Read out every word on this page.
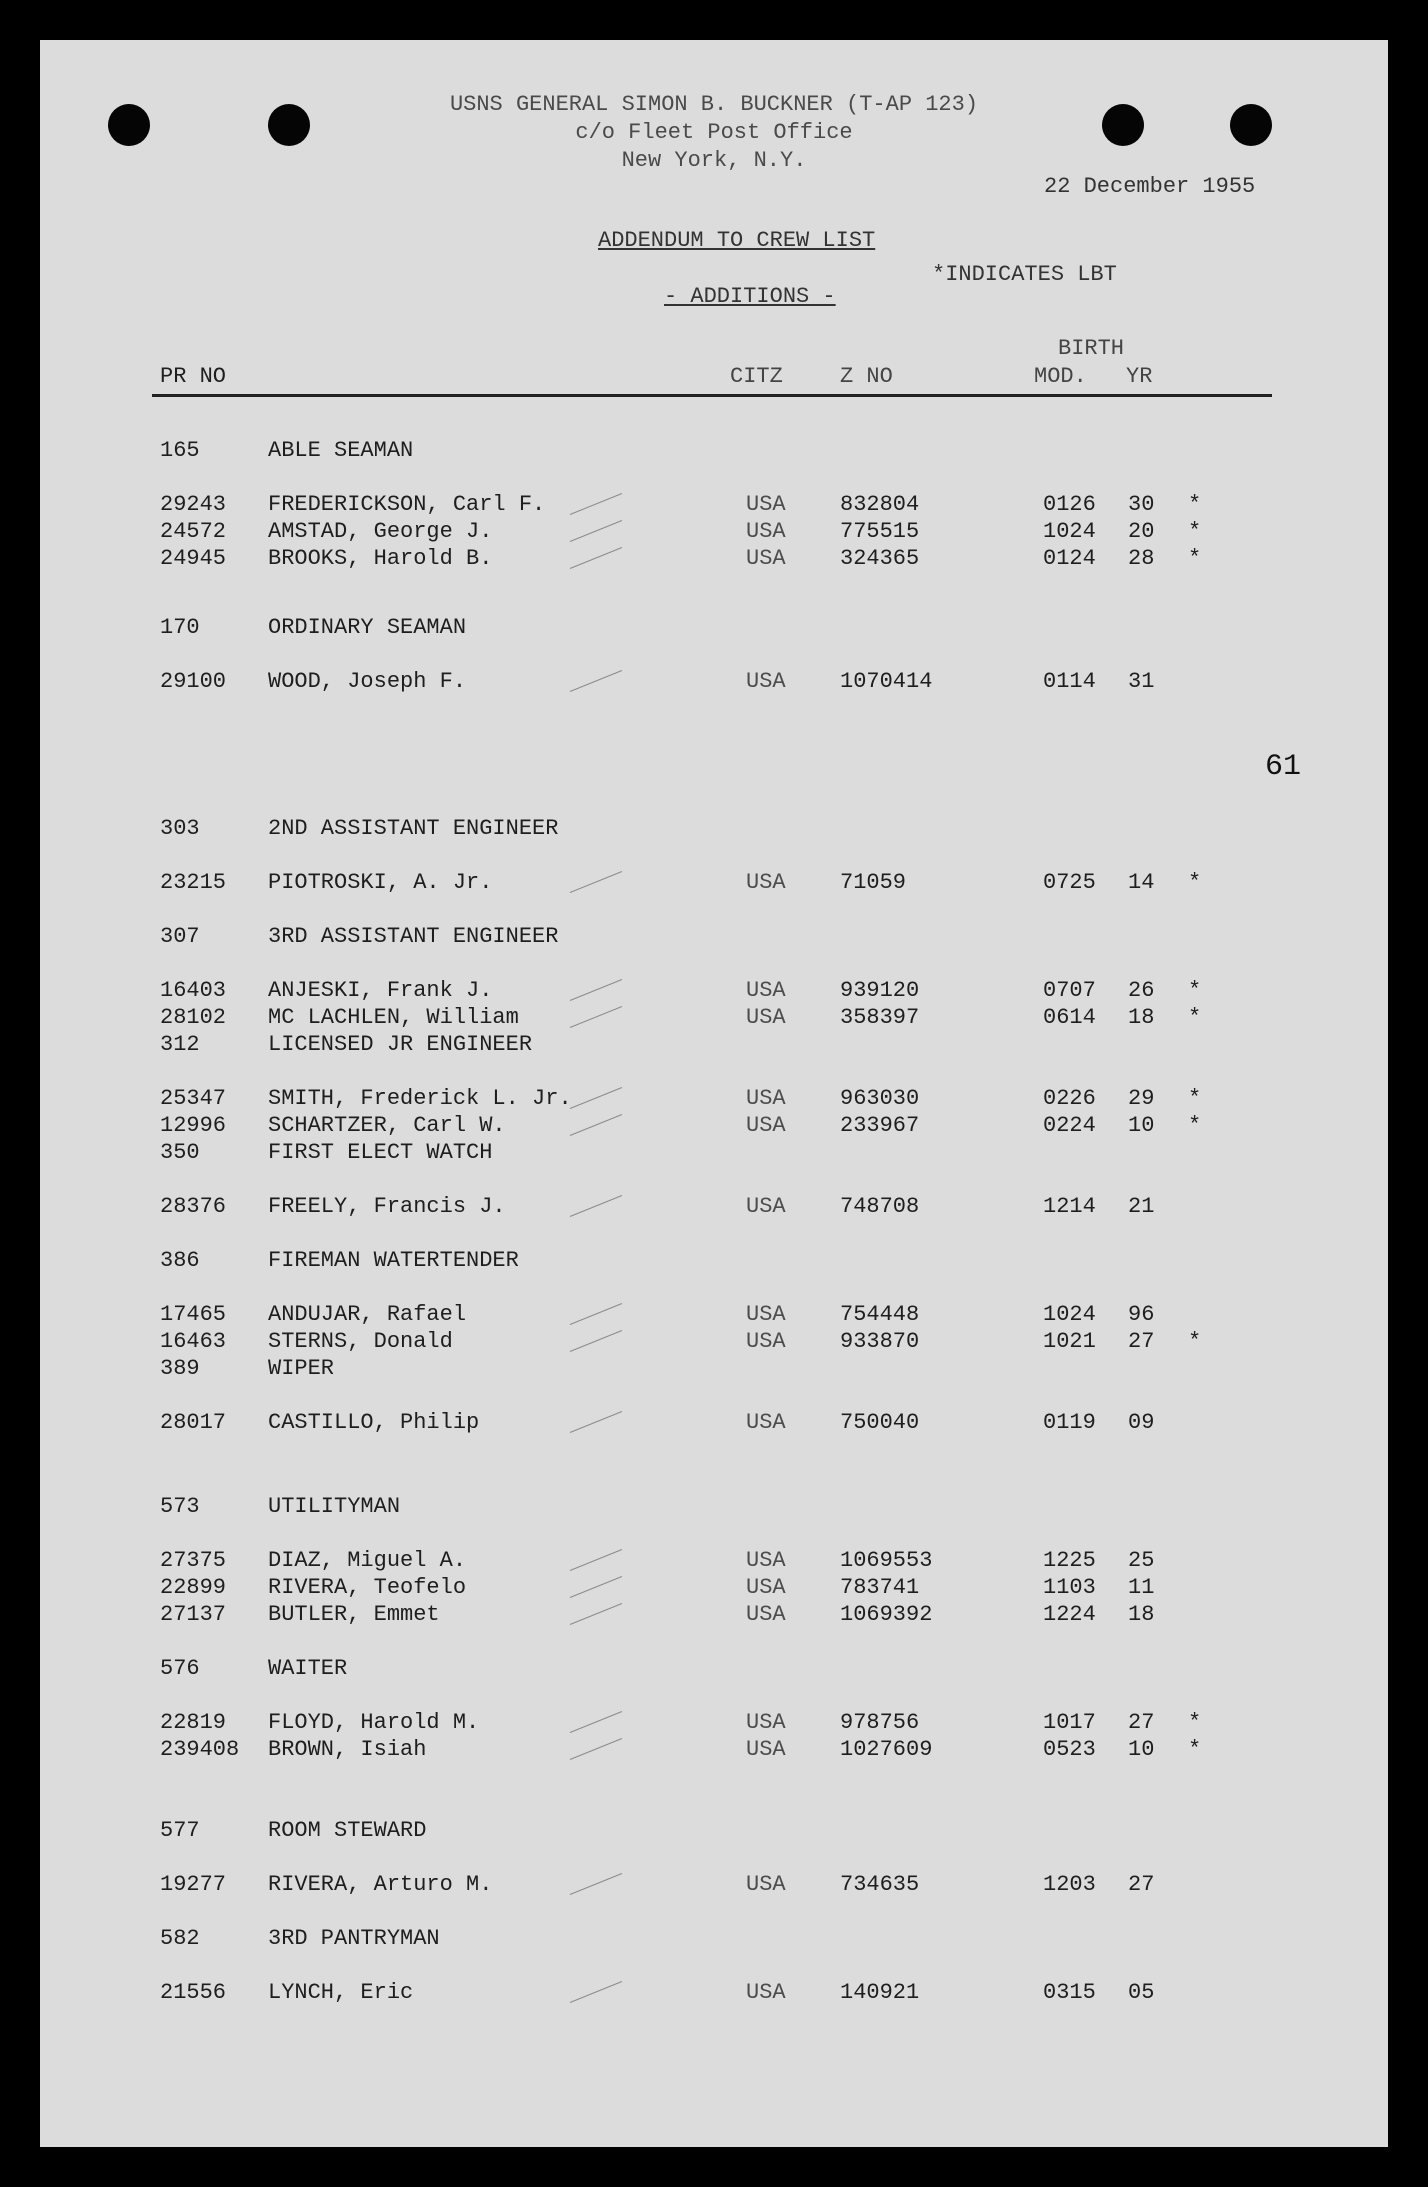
USNS GENERAL SIMON B. BUCKNER (T-AP 123)
c/o Fleet Post Office
New York, N.Y.
22 December 1955
ADDENDUM TO CREW LIST
*INDICATES LBT
- ADDITIONS -
BIRTH
PR NO	CITZ	Z NO	MOD. YR
61
165	ABLE SEAMAN
29243 FREDERICKSON, Carl F.	USA 832804	0126 30 *
24572 AMSTAD, George J.	USA 775515	1024 20 *
24945 BROOKS, Harold B.	USA 324365	0124 28 *
170	ORDINARY SEAMAN
29100 WOOD, Joseph F.	USA 1070414	0114 31
303	2ND ASSISTANT ENGINEER
23215 PIOTROSKI, A. Jr.	USA 71059	0725 14 *
307	3RD ASSISTANT ENGINEER
16403 ANJESKI, Frank J.	USA 939120	0707 26 *
28102 MC LACHLEN, William	USA 358397	0614 18 *
312	LICENSED JR ENGINEER
25347 SMITH, Frederick L. Jr.	USA 963030	0226 29 *
12996 SCHARTZER, Carl W.	USA 233967	0224 10 *
350	FIRST ELECT WATCH
28376 FREELY, Francis J.	USA 748708	1214 21
386	FIREMAN WATERTENDER
17465 ANDUJAR, Rafael	USA 754448	1024 96
16463 STERNS, Donald	USA 933870	1021 27 *
389	WIPER
28017 CASTILLO, Philip	USA 750040	0119 09
573	UTILITYMAN
27375 DIAZ, Miguel A.	USA 1069553	1225 25
22899 RIVERA, Teofelo	USA 783741	1103 11
27137 BUTLER, Emmet	USA 1069392	1224 18
576	WAITER
22819 FLOYD, Harold M.	USA 978756	1017 27 *
239408 BROWN, Isiah	USA 1027609	0523 10 *
577	ROOM STEWARD
19277 RIVERA, Arturo M.	USA 734635	1203 27
582	3RD PANTRYMAN
21556 LYNCH, Eric	USA 140921	0315 05
